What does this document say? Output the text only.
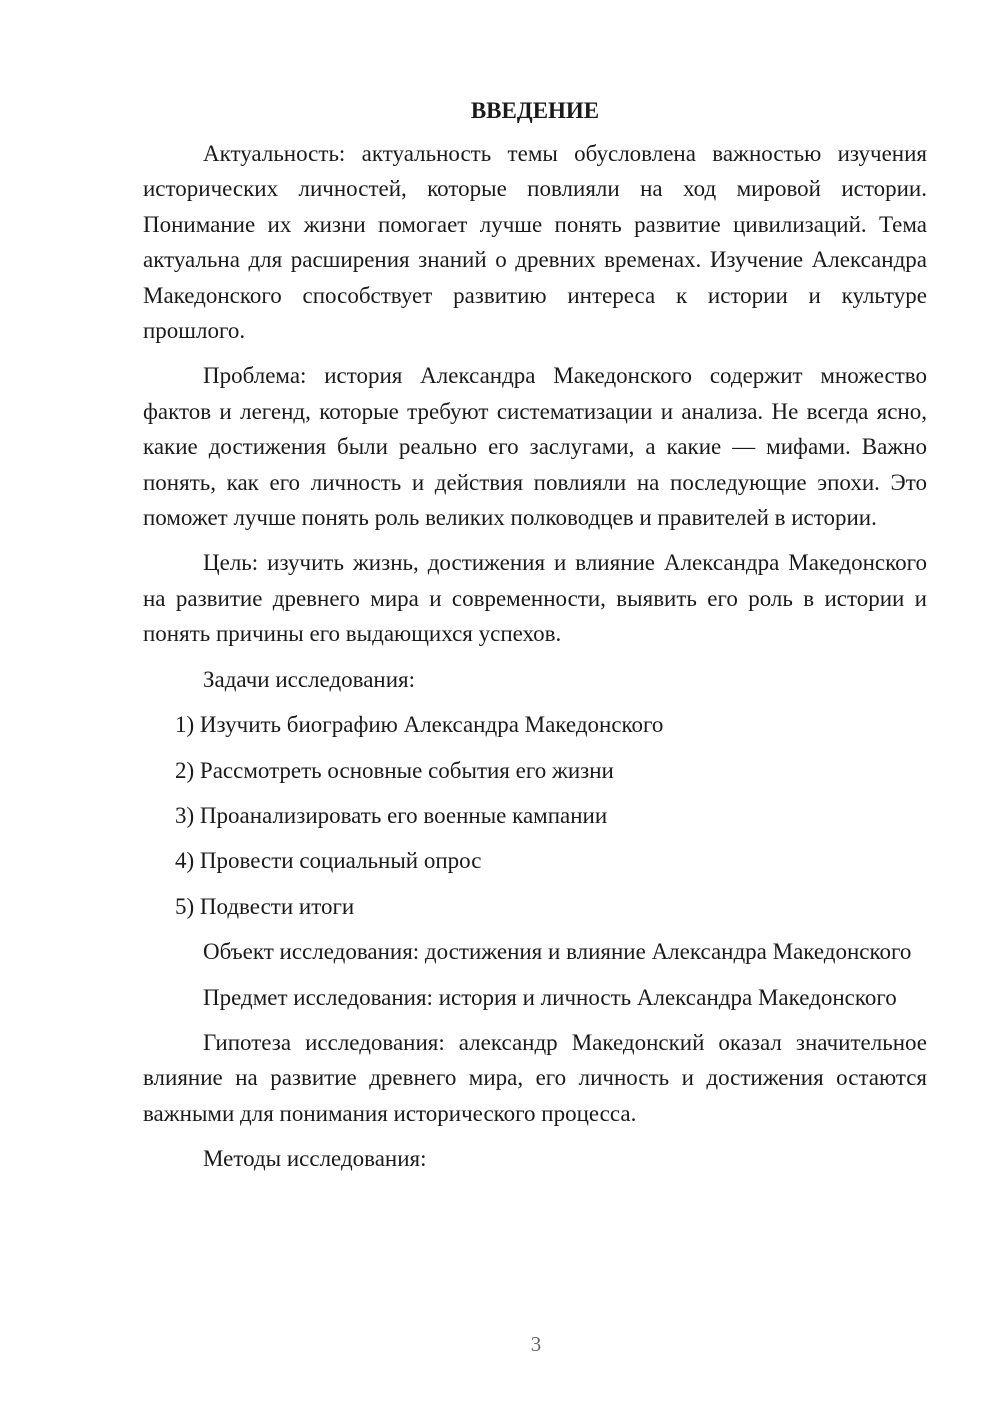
ВВЕДЕНИЕ

Актуальность: актуальность темы обусловлена важностью изучения исторических личностей, которые повлияли на ход мировой истории. Понимание их жизни помогает лучше понять развитие цивилизаций. Тема актуальна для расширения знаний о древних временах. Изучение Александра Македонского способствует развитию интереса к истории и культуре прошлого.

Проблема: история Александра Македонского содержит множество фактов и легенд, которые требуют систематизации и анализа. Не всегда ясно, какие достижения были реально его заслугами, а какие — мифами. Важно понять, как его личность и действия повлияли на последующие эпохи. Это поможет лучше понять роль великих полководцев и правителей в истории.

Цель: изучить жизнь, достижения и влияние Александра Македонского на развитие древнего мира и современности, выявить его роль в истории и понять причины его выдающихся успехов.

Задачи исследования:
1) Изучить биографию Александра Македонского
2) Рассмотреть основные события его жизни
3) Проанализировать его военные кампании
4) Провести социальный опрос
5) Подвести итоги

Объект исследования: достижения и влияние Александра Македонского

Предмет исследования: история и личность Александра Македонского

Гипотеза исследования: александр Македонский оказал значительное влияние на развитие древнего мира, его личность и достижения остаются важными для понимания исторического процесса.

Методы исследования:
3
